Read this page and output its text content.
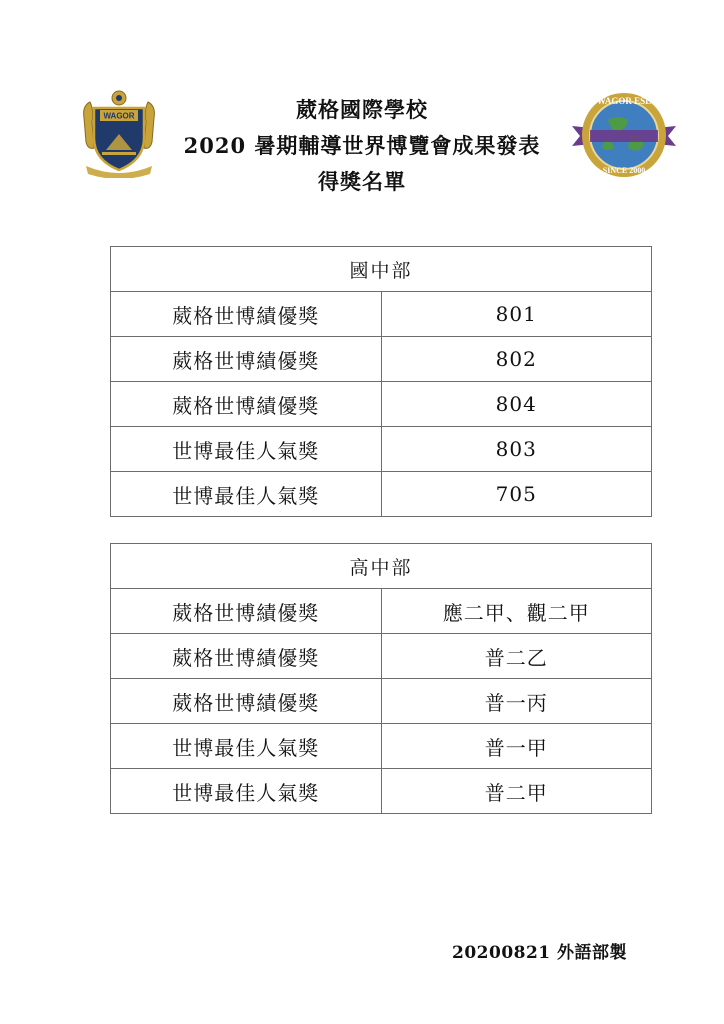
WAGOR
WAGOR ESL
SINCE 2000
葳格國際學校
2020 暑期輔導世界博覽會成果發表
得獎名單
國中部	
葳格世博績優獎	801
葳格世博績優獎	802
葳格世博績優獎	804
世博最佳人氣獎	803
世博最佳人氣獎	705
高中部	
葳格世博績優獎	應二甲、觀二甲
葳格世博績優獎	普二乙
葳格世博績優獎	普一丙
世博最佳人氣獎	普一甲
世博最佳人氣獎	普二甲
20200821 外語部製
